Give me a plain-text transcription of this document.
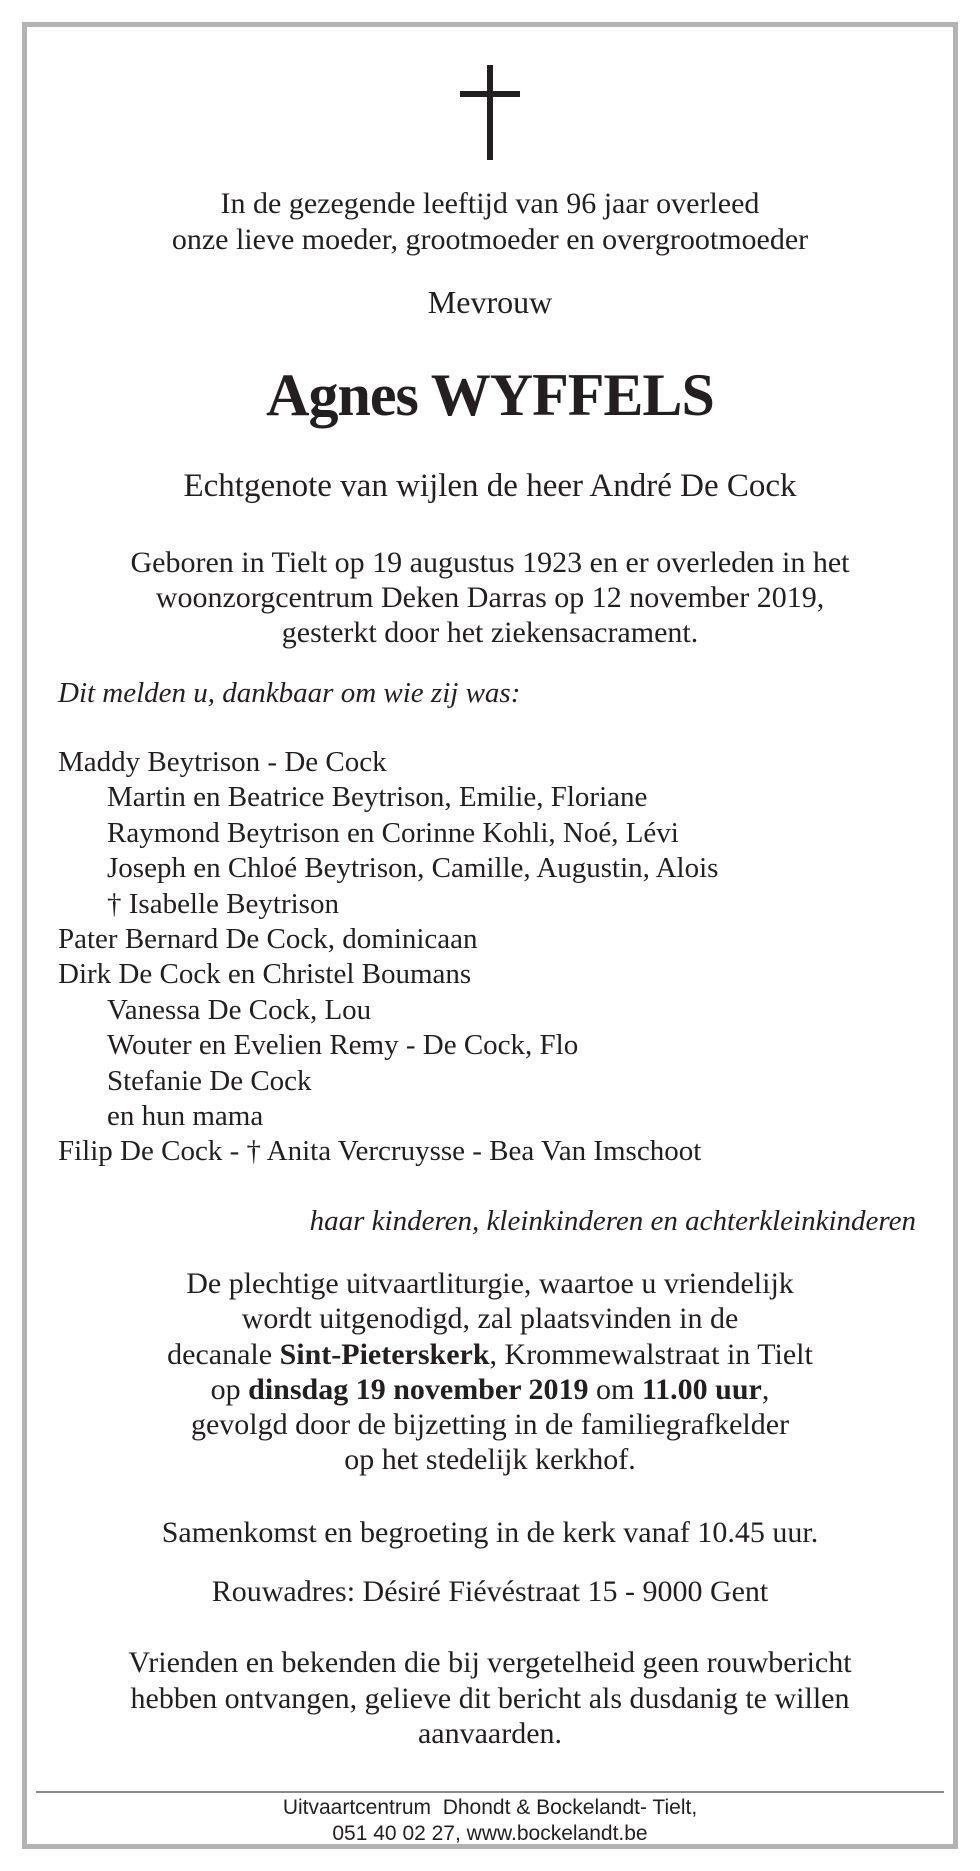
In de gezegende leeftijd van 96 jaar overleed
onze lieve moeder, grootmoeder en overgrootmoeder
Mevrouw
Agnes WYFFELS
Echtgenote van wijlen de heer André De Cock
Geboren in Tielt op 19 augustus 1923 en er overleden in het
woonzorgcentrum Deken Darras op 12 november 2019,
gesterkt door het ziekensacrament.
Dit melden u, dankbaar om wie zij was:
Maddy Beytrison - De Cock
Martin en Beatrice Beytrison, Emilie, Floriane
Raymond Beytrison en Corinne Kohli, Noé, Lévi
Joseph en Chloé Beytrison, Camille, Augustin, Alois
† Isabelle Beytrison
Pater Bernard De Cock, dominicaan
Dirk De Cock en Christel Boumans
Vanessa De Cock, Lou
Wouter en Evelien Remy - De Cock, Flo
Stefanie De Cock
en hun mama
Filip De Cock - † Anita Vercruysse - Bea Van Imschoot
haar kinderen, kleinkinderen en achterkleinkinderen
De plechtige uitvaartliturgie, waartoe u vriendelijk
wordt uitgenodigd, zal plaatsvinden in de
decanale Sint-Pieterskerk, Krommewalstraat in Tielt
op dinsdag 19 november 2019 om 11.00 uur,
gevolgd door de bijzetting in de familiegrafkelder
op het stedelijk kerkhof.
Samenkomst en begroeting in de kerk vanaf 10.45 uur.
Rouwadres: Désiré Fiévéstraat 15 - 9000 Gent
Vrienden en bekenden die bij vergetelheid geen rouwbericht
hebben ontvangen, gelieve dit bericht als dusdanig te willen
aanvaarden.
Uitvaartcentrum  Dhondt & Bockelandt- Tielt,
051 40 02 27, www.bockelandt.be
